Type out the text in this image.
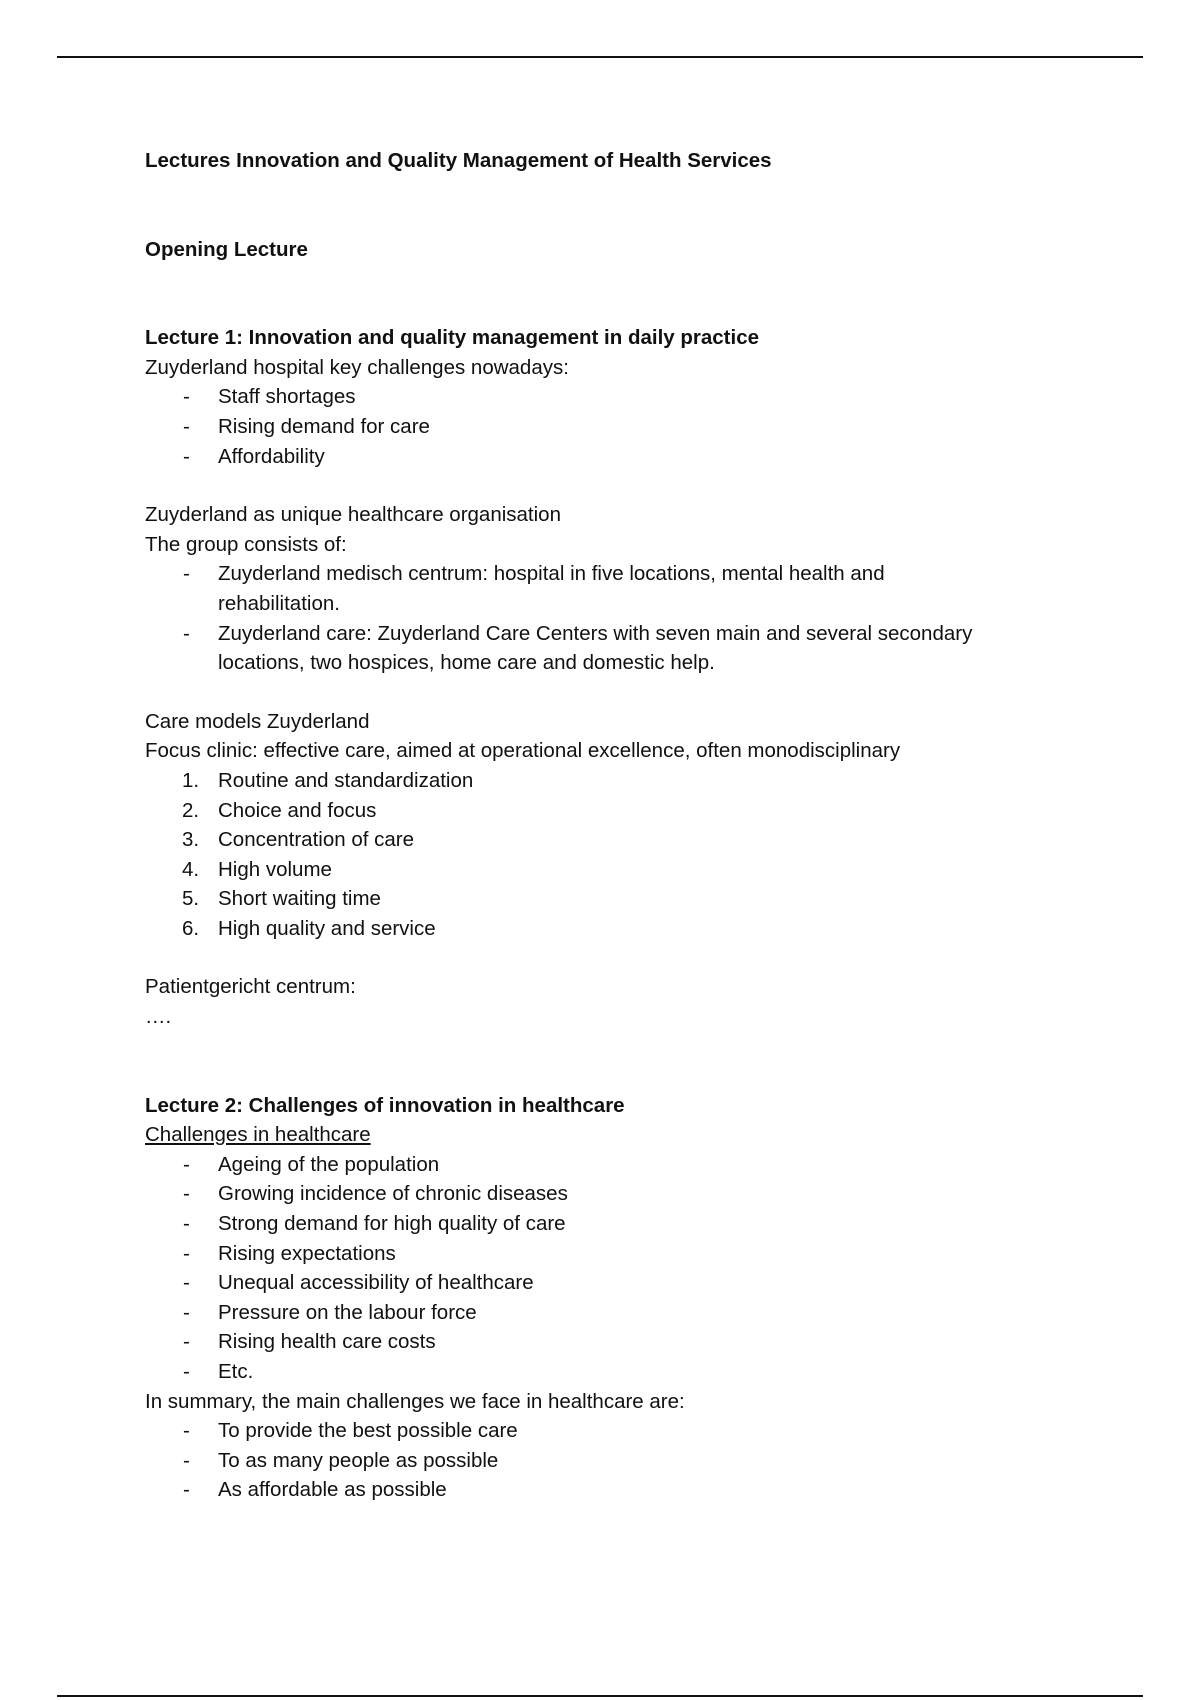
Lectures Innovation and Quality Management of Health Services

Opening Lecture

Lecture 1: Innovation and quality management in daily practice

Zuyderland hospital key challenges nowadays:

- Staff shortages
- Rising demand for care
- Affordability

Zuyderland as unique healthcare organisation

The group consists of:

- Zuyderland medisch centrum: hospital in five locations, mental health and rehabilitation.
- Zuyderland care: Zuyderland Care Centers with seven main and several secondary locations, two hospices, home care and domestic help.

Care models Zuyderland

Focus clinic: effective care, aimed at operational excellence, often monodisciplinary

1. Routine and standardization
2. Choice and focus
3. Concentration of care
4. High volume
5. Short waiting time
6. High quality and service

Patientgericht centrum:

….

Lecture 2: Challenges of innovation in healthcare

Challenges in healthcare

- Ageing of the population
- Growing incidence of chronic diseases
- Strong demand for high quality of care
- Rising expectations
- Unequal accessibility of healthcare
- Pressure on the labour force
- Rising health care costs
- Etc.

In summary, the main challenges we face in healthcare are:

- To provide the best possible care
- To as many people as possible
- As affordable as possible
